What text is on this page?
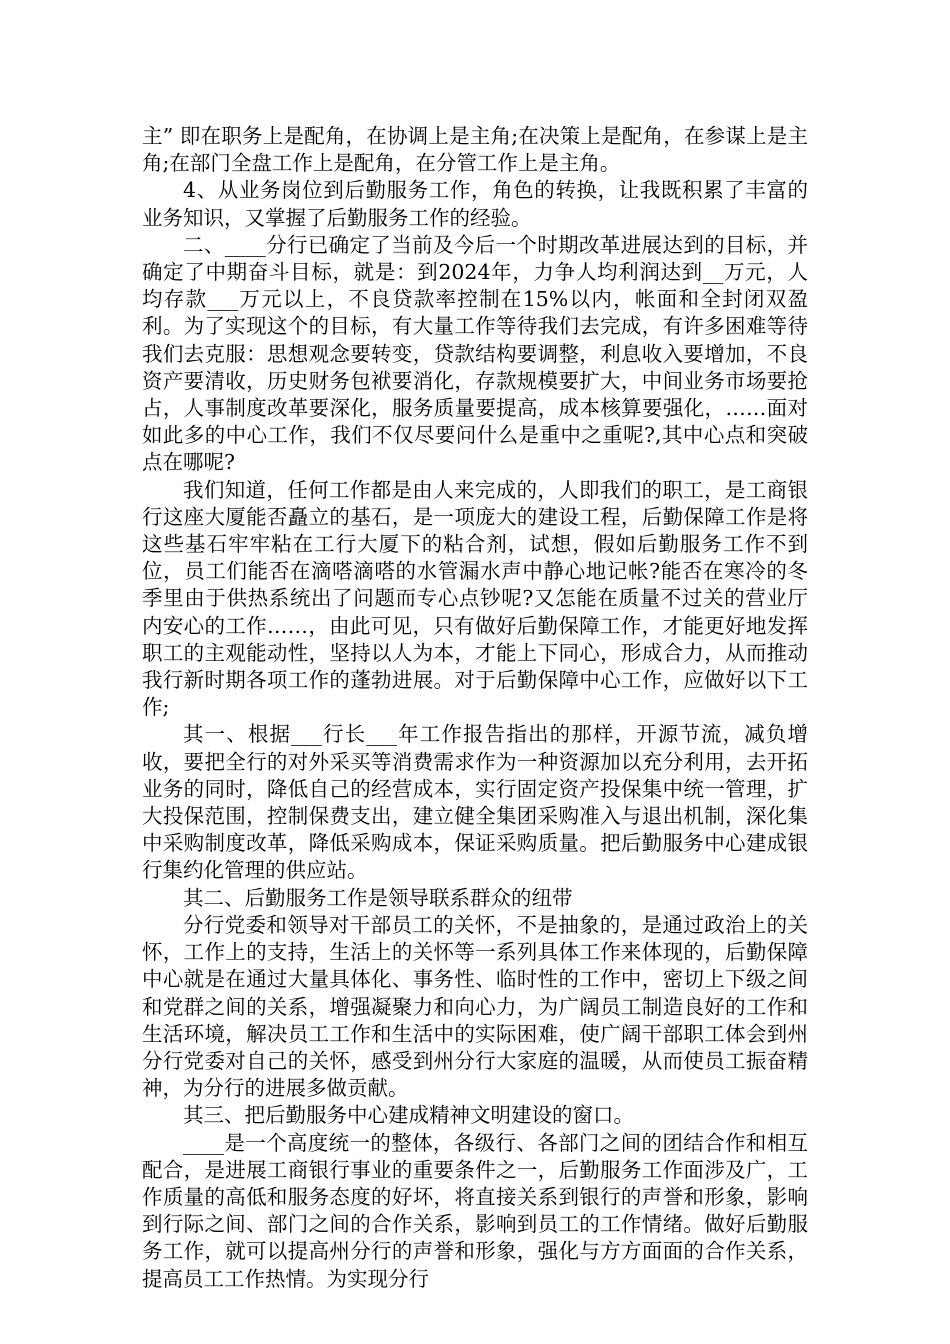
主” 即在职务上是配角，在协调上是主角;在决策上是配角，在参谋上是主角;在部门全盘工作上是配角，在分管工作上是主角。

4、从业务岗位到后勤服务工作，角色的转换，让我既积累了丰富的业务知识，又掌握了后勤服务工作的经验。

二、____分行已确定了当前及今后一个时期改革进展达到的目标，并确定了中期奋斗目标，就是：到2024年，力争人均利润达到__万元，人均存款___万元以上，不良贷款率控制在15%以内，帐面和全封闭双盈利。为了实现这个的目标，有大量工作等待我们去完成，有许多困难等待我们去克服：思想观念要转变，贷款结构要调整，利息收入要增加，不良资产要清收，历史财务包袱要消化，存款规模要扩大，中间业务市场要抢占，人事制度改革要深化，服务质量要提高，成本核算要强化，……面对如此多的中心工作，我们不仅尽要问什么是重中之重呢?,其中心点和突破点在哪呢?

我们知道，任何工作都是由人来完成的，人即我们的职工，是工商银行这座大厦能否矗立的基石，是一项庞大的建设工程，后勤保障工作是将这些基石牢牢粘在工行大厦下的粘合剂，试想，假如后勤服务工作不到位，员工们能否在滴嗒滴嗒的水管漏水声中静心地记帐?能否在寒冷的冬季里由于供热系统出了问题而专心点钞呢?又怎能在质量不过关的营业厅内安心的工作……，由此可见，只有做好后勤保障工作，才能更好地发挥职工的主观能动性，坚持以人为本，才能上下同心，形成合力，从而推动我行新时期各项工作的蓬勃进展。对于后勤保障中心工作，应做好以下工作;

其一、根据___行长___年工作报告指出的那样，开源节流，减负增收，要把全行的对外采买等消费需求作为一种资源加以充分利用，去开拓业务的同时，降低自己的经营成本，实行固定资产投保集中统一管理，扩大投保范围，控制保费支出，建立健全集团采购准入与退出机制，深化集中采购制度改革，降低采购成本，保证采购质量。把后勤服务中心建成银行集约化管理的供应站。

其二、后勤服务工作是领导联系群众的纽带

分行党委和领导对干部员工的关怀，不是抽象的，是通过政治上的关怀，工作上的支持，生活上的关怀等一系列具体工作来体现的，后勤保障中心就是在通过大量具体化、事务性、临时性的工作中，密切上下级之间和党群之间的关系，增强凝聚力和向心力，为广阔员工制造良好的工作和生活环境，解决员工工作和生活中的实际困难，使广阔干部职工体会到州分行党委对自己的关怀，感受到州分行大家庭的温暖，从而使员工振奋精神，为分行的进展多做贡献。

其三、把后勤服务中心建成精神文明建设的窗口。

____是一个高度统一的整体，各级行、各部门之间的团结合作和相互配合，是进展工商银行事业的重要条件之一，后勤服务工作面涉及广，工作质量的高低和服务态度的好坏，将直接关系到银行的声誉和形象，影响到行际之间、部门之间的合作关系，影响到员工的工作情绪。做好后勤服务工作，就可以提高州分行的声誉和形象，强化与方方面面的合作关系，提高员工工作热情。为实现分行
